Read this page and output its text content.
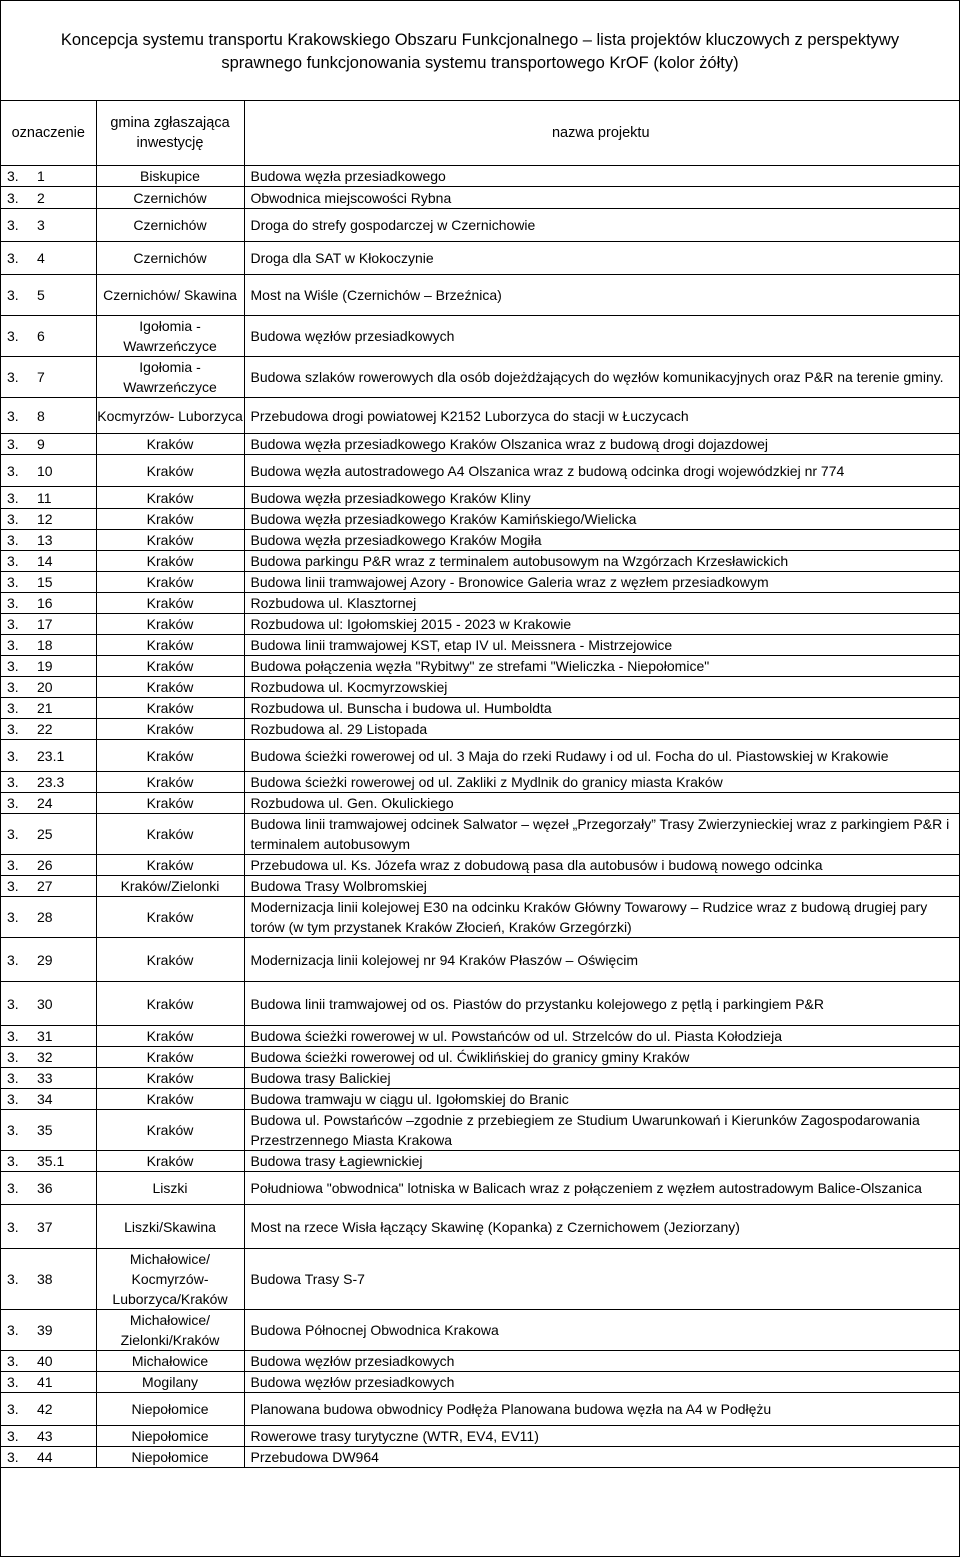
Koncepcja systemu transportu Krakowskiego Obszaru Funkcjonalnego – lista projektów kluczowych z perspektywy
sprawnego funkcjonowania systemu transportowego KrOF (kolor żółty)
oznaczenie	gmina zgłaszająca inwestycję	nazwa projektu
3. 1	Biskupice	Budowa węzła przesiadkowego
3. 2	Czernichów	Obwodnica miejscowości Rybna
3. 3	Czernichów	Droga do strefy gospodarczej w Czernichowie
3. 4	Czernichów	Droga dla SAT w Kłokoczynie
3. 5	Czernichów/ Skawina	Most na Wiśle (Czernichów – Brzeźnica)
3. 6	Igołomia - Wawrzeńczyce	Budowa węzłów przesiadkowych
3. 7	Igołomia - Wawrzeńczyce	Budowa szlaków rowerowych dla osób dojeżdżających do węzłów komunikacyjnych oraz P&R na terenie gminy.
3. 8	Kocmyrzów- Luborzyca	Przebudowa drogi powiatowej K2152 Luborzyca do stacji w Łuczycach
3. 9	Kraków	Budowa węzła przesiadkowego Kraków Olszanica wraz z budową drogi dojazdowej
3. 10	Kraków	Budowa węzła autostradowego A4 Olszanica wraz z budową odcinka drogi wojewódzkiej nr 774
3. 11	Kraków	Budowa węzła przesiadkowego Kraków Kliny
3. 12	Kraków	Budowa węzła przesiadkowego Kraków Kamińskiego/Wielicka
3. 13	Kraków	Budowa węzła przesiadkowego Kraków Mogiła
3. 14	Kraków	Budowa parkingu P&R wraz z terminalem autobusowym na Wzgórzach Krzesławickich
3. 15	Kraków	Budowa linii tramwajowej Azory - Bronowice Galeria wraz z węzłem przesiadkowym
3. 16	Kraków	Rozbudowa ul. Klasztornej
3. 17	Kraków	Rozbudowa ul: Igołomskiej 2015 - 2023 w Krakowie
3. 18	Kraków	Budowa linii tramwajowej KST, etap IV ul. Meissnera - Mistrzejowice
3. 19	Kraków	Budowa połączenia węzła "Rybitwy" ze strefami "Wieliczka - Niepołomice"
3. 20	Kraków	Rozbudowa ul. Kocmyrzowskiej
3. 21	Kraków	Rozbudowa ul. Bunscha i budowa ul. Humboldta
3. 22	Kraków	Rozbudowa al. 29 Listopada
3. 23.1	Kraków	Budowa ścieżki rowerowej od ul. 3 Maja do rzeki Rudawy i od ul. Focha do ul. Piastowskiej w Krakowie
3. 23.3	Kraków	Budowa ścieżki rowerowej od ul. Zakliki z Mydlnik do granicy miasta Kraków
3. 24	Kraków	Rozbudowa ul. Gen. Okulickiego
3. 25	Kraków	Budowa linii tramwajowej odcinek Salwator – węzeł „Przegorzały” Trasy Zwierzynieckiej wraz z parkingiem P&R i terminalem autobusowym
3. 26	Kraków	Przebudowa ul. Ks. Józefa wraz z dobudową pasa dla autobusów i budową nowego odcinka
3. 27	Kraków/Zielonki	Budowa Trasy Wolbromskiej
3. 28	Kraków	Modernizacja linii kolejowej E30 na odcinku Kraków Główny Towarowy – Rudzice wraz z budową drugiej pary torów (w tym przystanek Kraków Złocień, Kraków Grzegórzki)
3. 29	Kraków	Modernizacja linii kolejowej nr 94 Kraków Płaszów – Oświęcim
3. 30	Kraków	Budowa linii tramwajowej od os. Piastów do przystanku kolejowego z pętlą i parkingiem P&R
3. 31	Kraków	Budowa ścieżki rowerowej w ul. Powstańców od ul. Strzelców do ul. Piasta Kołodzieja
3. 32	Kraków	Budowa ścieżki rowerowej od ul. Ćwiklińskiej do granicy gminy Kraków
3. 33	Kraków	Budowa trasy Balickiej
3. 34	Kraków	Budowa tramwaju w ciągu ul. Igołomskiej do Branic
3. 35	Kraków	Budowa ul. Powstańców –zgodnie z przebiegiem ze Studium Uwarunkowań i Kierunków Zagospodarowania Przestrzennego Miasta Krakowa
3. 35.1	Kraków	Budowa trasy Łagiewnickiej
3. 36	Liszki	Południowa "obwodnica" lotniska w Balicach wraz z połączeniem z węzłem autostradowym Balice-Olszanica
3. 37	Liszki/Skawina	Most na rzece Wisła łączący Skawinę (Kopanka) z Czernichowem (Jeziorzany)
3. 38	Michałowice/ Kocmyrzów- Luborzyca/Kraków	Budowa Trasy S-7
3. 39	Michałowice/ Zielonki/Kraków	Budowa Północnej Obwodnica Krakowa
3. 40	Michałowice	Budowa węzłów przesiadkowych
3. 41	Mogilany	Budowa węzłów przesiadkowych
3. 42	Niepołomice	Planowana budowa obwodnicy Podłęża Planowana budowa węzła na A4 w Podłężu
3. 43	Niepołomice	Rowerowe trasy turytyczne (WTR, EV4, EV11)
3. 44	Niepołomice	Przebudowa DW964
